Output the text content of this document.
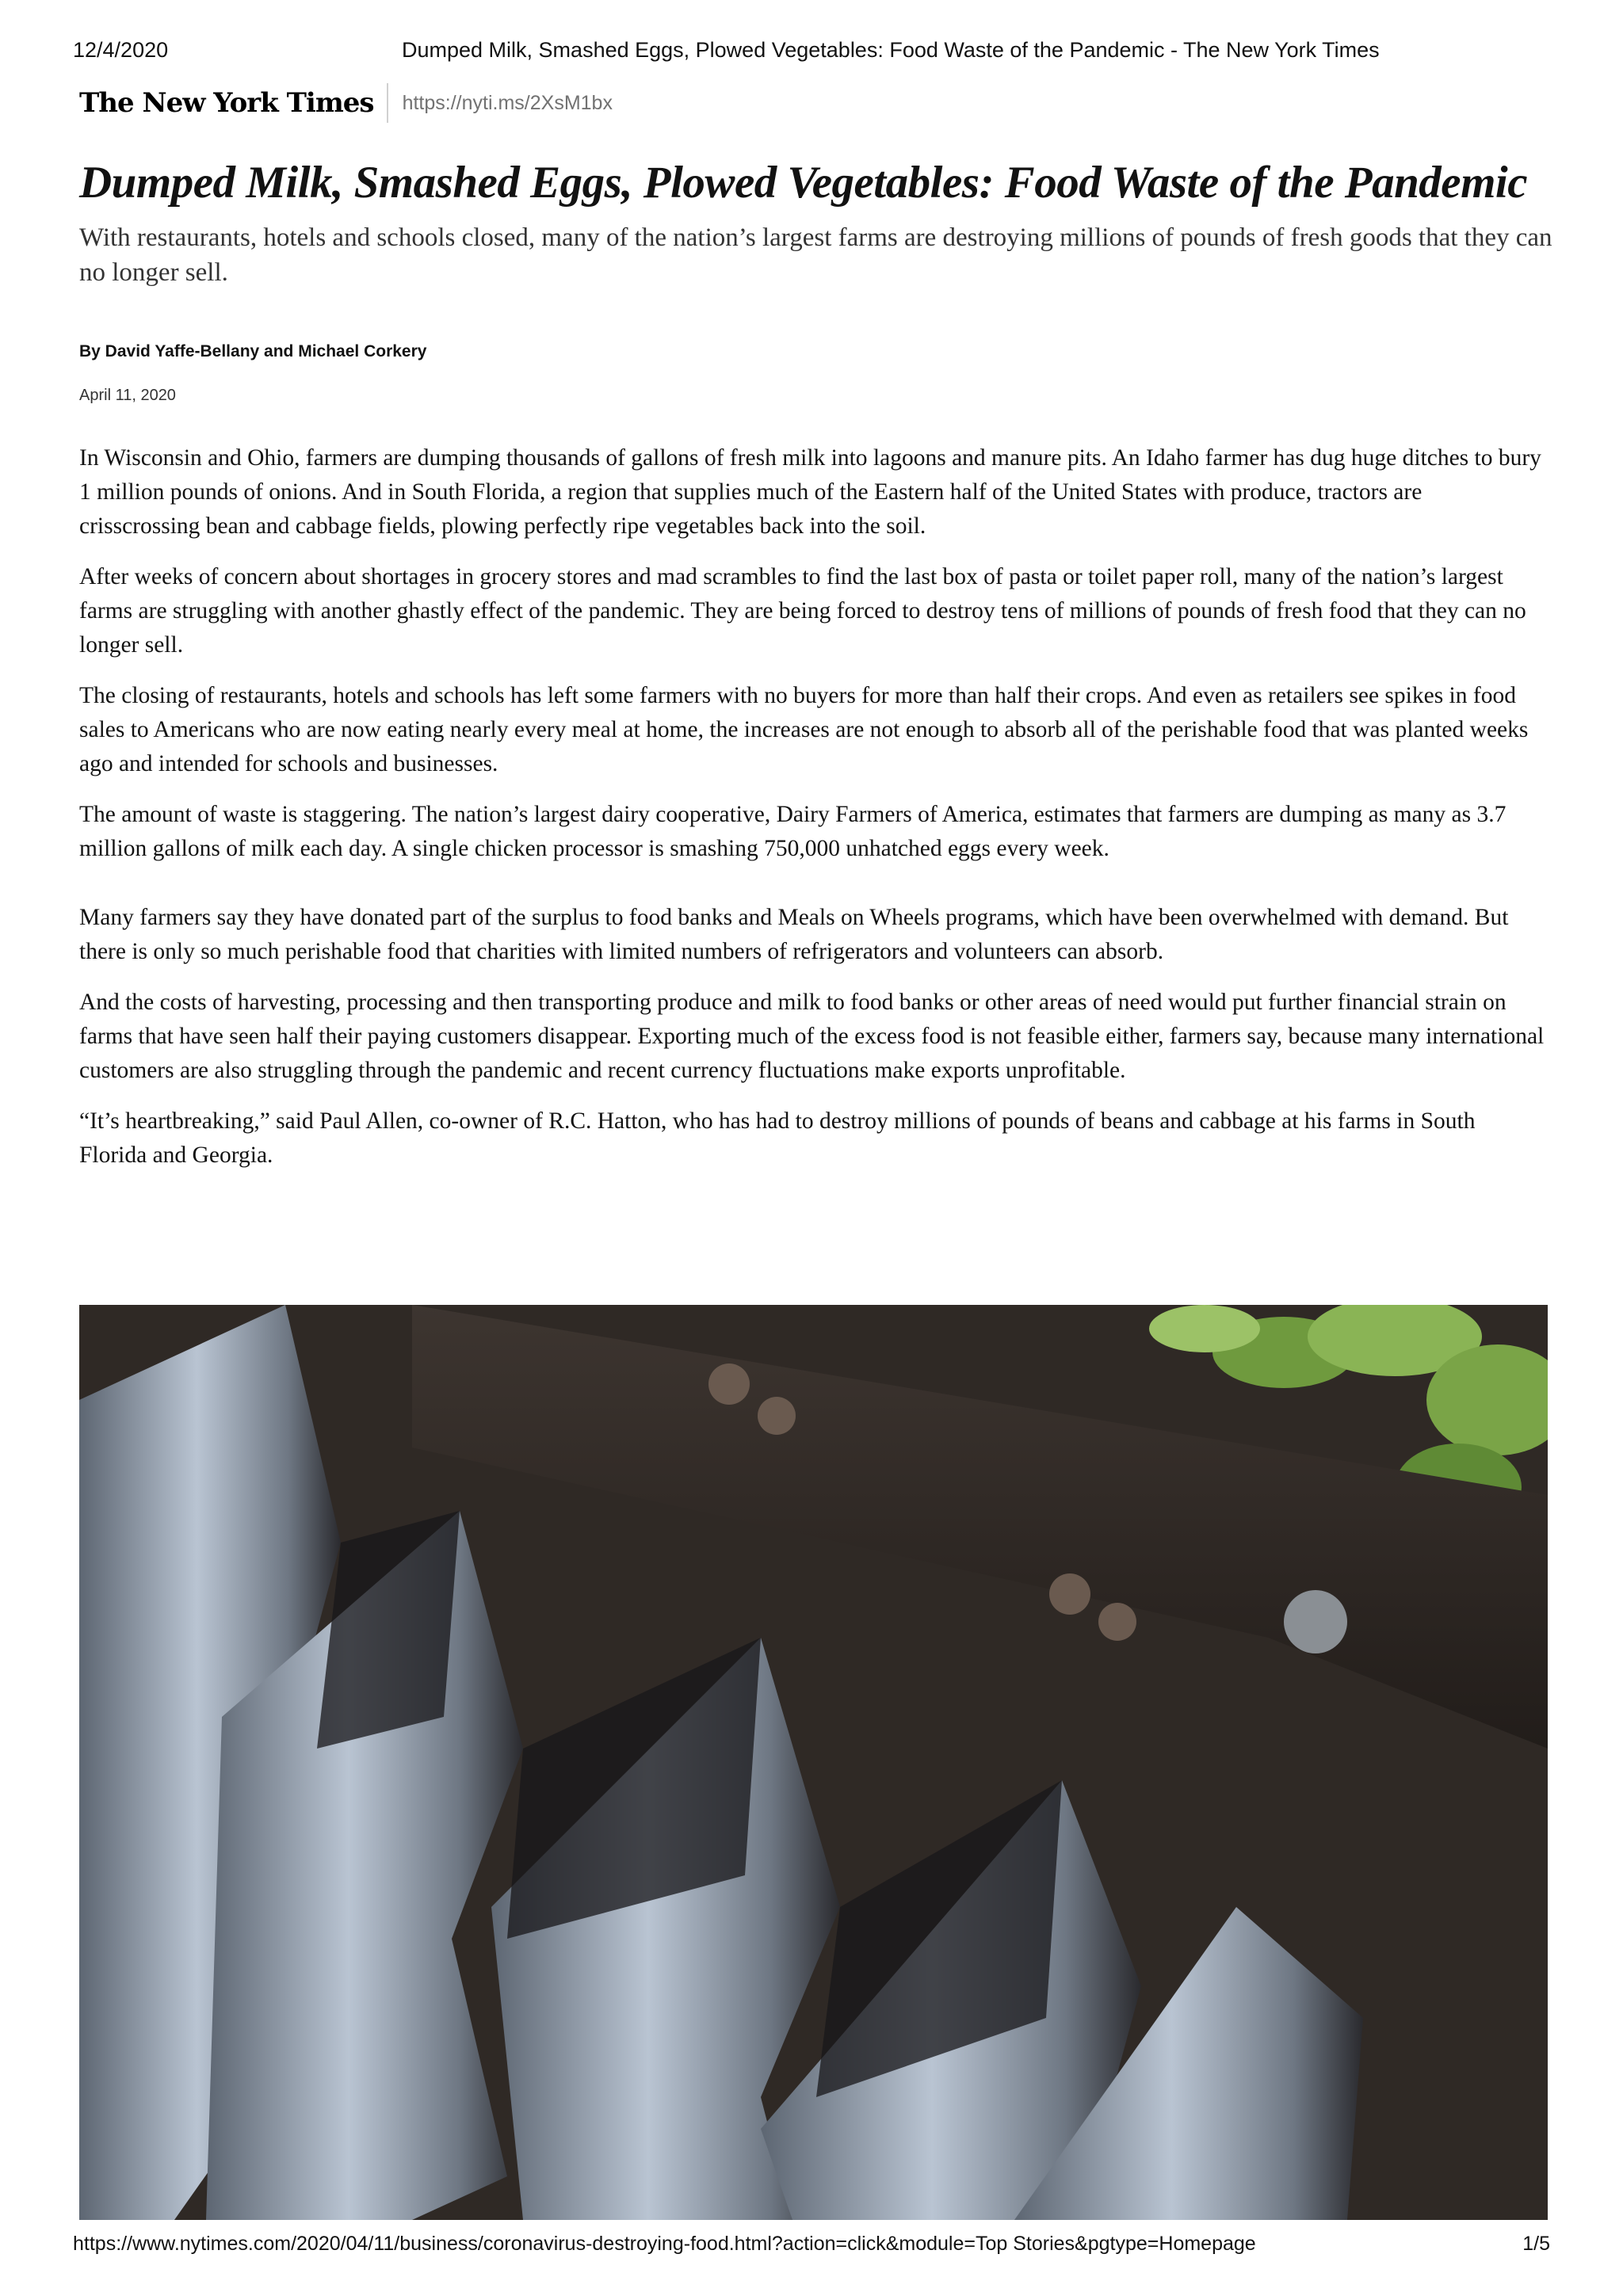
12/4/2020	Dumped Milk, Smashed Eggs, Plowed Vegetables: Food Waste of the Pandemic - The New York Times
The New York Times	https://nyti.ms/2XsM1bx
Dumped Milk, Smashed Eggs, Plowed Vegetables: Food Waste of the Pandemic

With restaurants, hotels and schools closed, many of the nation’s largest farms are destroying millions of pounds of fresh goods that they can no longer sell.

By David Yaffe-Bellany and Michael Corkery
April 11, 2020

In Wisconsin and Ohio, farmers are dumping thousands of gallons of fresh milk into lagoons and manure pits. An Idaho farmer has dug huge ditches to bury 1 million pounds of onions. And in South Florida, a region that supplies much of the Eastern half of the United States with produce, tractors are crisscrossing bean and cabbage fields, plowing perfectly ripe vegetables back into the soil.

After weeks of concern about shortages in grocery stores and mad scrambles to find the last box of pasta or toilet paper roll, many of the nation’s largest farms are struggling with another ghastly effect of the pandemic. They are being forced to destroy tens of millions of pounds of fresh food that they can no longer sell.

The closing of restaurants, hotels and schools has left some farmers with no buyers for more than half their crops. And even as retailers see spikes in food sales to Americans who are now eating nearly every meal at home, the increases are not enough to absorb all of the perishable food that was planted weeks ago and intended for schools and businesses.

The amount of waste is staggering. The nation’s largest dairy cooperative, Dairy Farmers of America, estimates that farmers are dumping as many as 3.7 million gallons of milk each day. A single chicken processor is smashing 750,000 unhatched eggs every week.

Many farmers say they have donated part of the surplus to food banks and Meals on Wheels programs, which have been overwhelmed with demand. But there is only so much perishable food that charities with limited numbers of refrigerators and volunteers can absorb.

And the costs of harvesting, processing and then transporting produce and milk to food banks or other areas of need would put further financial strain on farms that have seen half their paying customers disappear. Exporting much of the excess food is not feasible either, farmers say, because many international customers are also struggling through the pandemic and recent currency fluctuations make exports unprofitable.

“It’s heartbreaking,” said Paul Allen, co-owner of R.C. Hatton, who has had to destroy millions of pounds of beans and cabbage at his farms in South Florida and Georgia.

https://www.nytimes.com/2020/04/11/business/coronavirus-destroying-food.html?action=click&module=Top Stories&pgtype=Homepage	1/5
